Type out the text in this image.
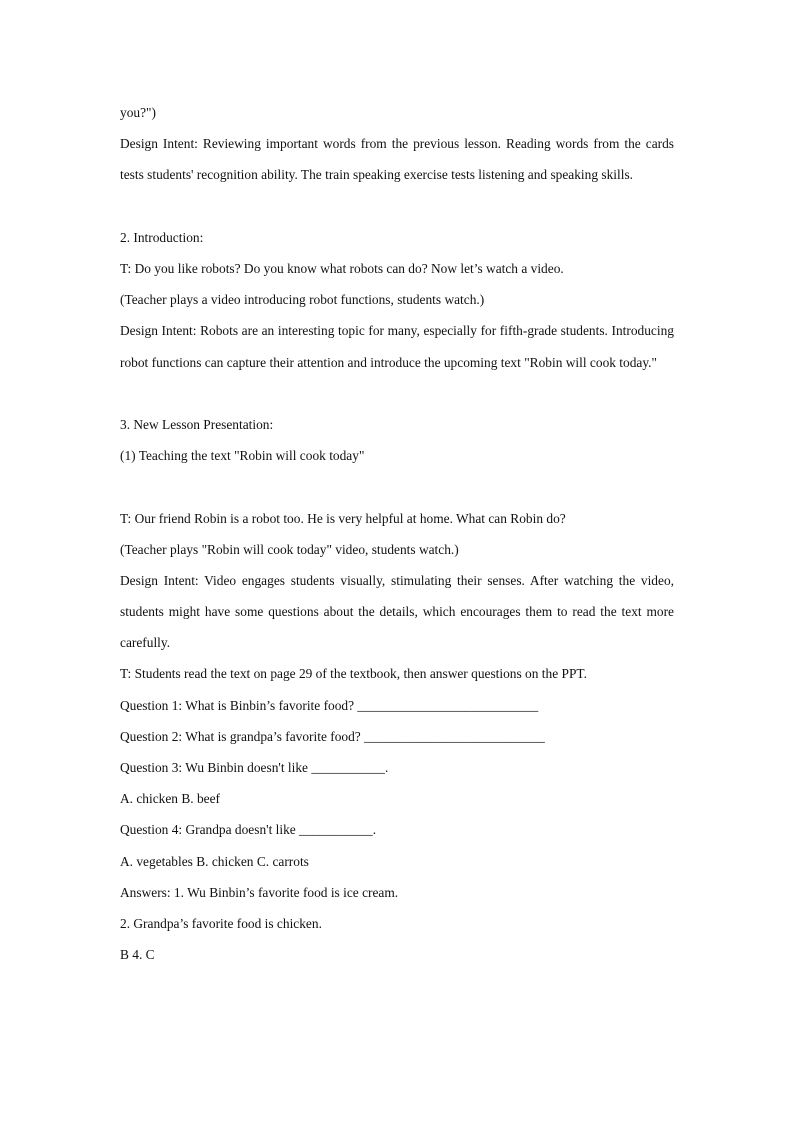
you?")
Design Intent: Reviewing important words from the previous lesson. Reading words from the cards tests students' recognition ability. The train speaking exercise tests listening and speaking skills.
2. Introduction:
T: Do you like robots? Do you know what robots can do? Now let’s watch a video.
(Teacher plays a video introducing robot functions, students watch.)
Design Intent: Robots are an interesting topic for many, especially for fifth-grade students. Introducing robot functions can capture their attention and introduce the upcoming text "Robin will cook today."
3. New Lesson Presentation:
(1) Teaching the text "Robin will cook today"
T: Our friend Robin is a robot too. He is very helpful at home. What can Robin do?
(Teacher plays "Robin will cook today" video, students watch.)
Design Intent: Video engages students visually, stimulating their senses. After watching the video, students might have some questions about the details, which encourages them to read the text more carefully.
T: Students read the text on page 29 of the textbook, then answer questions on the PPT.
Question 1: What is Binbin’s favorite food? ___________________________
Question 2: What is grandpa’s favorite food? ___________________________
Question 3: Wu Binbin doesn't like ___________.
A. chicken B. beef
Question 4: Grandpa doesn't like ___________.
A. vegetables B. chicken C. carrots
Answers: 1. Wu Binbin’s favorite food is ice cream.
2. Grandpa’s favorite food is chicken.
B 4. C
